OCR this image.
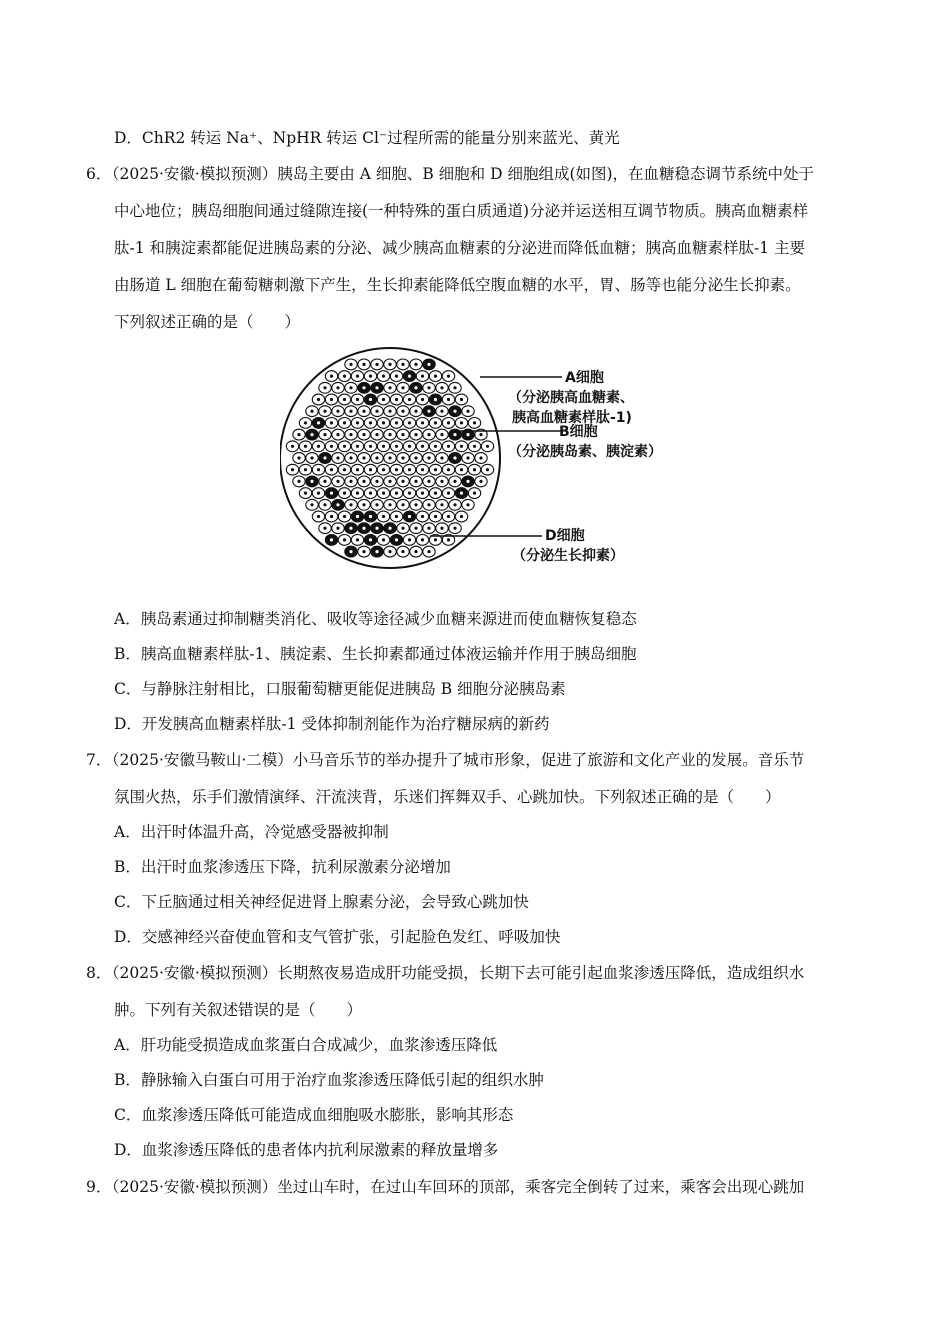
D．ChR2 转运 Na⁺、NpHR 转运 Cl⁻过程所需的能量分别来蓝光、黄光
6．
（2025·安徽·模拟预测）胰岛主要由 A 细胞、B 细胞和 D 细胞组成(如图)，在血糖稳态调节系统中处于
中心地位；胰岛细胞间通过缝隙连接(一种特殊的蛋白质通道)分泌并运送相互调节物质。胰高血糖素样
肽-1 和胰淀素都能促进胰岛素的分泌、减少胰高血糖素的分泌进而降低血糖；胰高血糖素样肽-1 主要
由肠道 L 细胞在葡萄糖刺激下产生，生长抑素能降低空腹血糖的水平，胃、肠等也能分泌生长抑素。
下列叙述正确的是（　　）
A细胞
（分泌胰高血糖素、
胰高血糖素样肽-1)
B细胞
（分泌胰岛素、胰淀素）
D细胞
（分泌生长抑素）
A．胰岛素通过抑制糖类消化、吸收等途径减少血糖来源进而使血糖恢复稳态
B．胰高血糖素样肽-1、胰淀素、生长抑素都通过体液运输并作用于胰岛细胞
C．与静脉注射相比，口服葡萄糖更能促进胰岛 B 细胞分泌胰岛素
D．开发胰高血糖素样肽-1 受体抑制剂能作为治疗糖尿病的新药
7．
（2025·安徽马鞍山·二模）小马音乐节的举办提升了城市形象，促进了旅游和文化产业的发展。音乐节
氛围火热，乐手们激情演绎、汗流浃背，乐迷们挥舞双手、心跳加快。下列叙述正确的是（　　）
A．出汗时体温升高，冷觉感受器被抑制
B．出汗时血浆渗透压下降，抗利尿激素分泌增加
C．下丘脑通过相关神经促进肾上腺素分泌，会导致心跳加快
D．交感神经兴奋使血管和支气管扩张，引起脸色发红、呼吸加快
8．
（2025·安徽·模拟预测）长期熬夜易造成肝功能受损，长期下去可能引起血浆渗透压降低，造成组织水
肿。下列有关叙述错误的是（　　）
A．肝功能受损造成血浆蛋白合成减少，血浆渗透压降低
B．静脉输入白蛋白可用于治疗血浆渗透压降低引起的组织水肿
C．血浆渗透压降低可能造成血细胞吸水膨胀，影响其形态
D．血浆渗透压降低的患者体内抗利尿激素的释放量增多
9．
（2025·安徽·模拟预测）坐过山车时，在过山车回环的顶部，乘客完全倒转了过来，乘客会出现心跳加
